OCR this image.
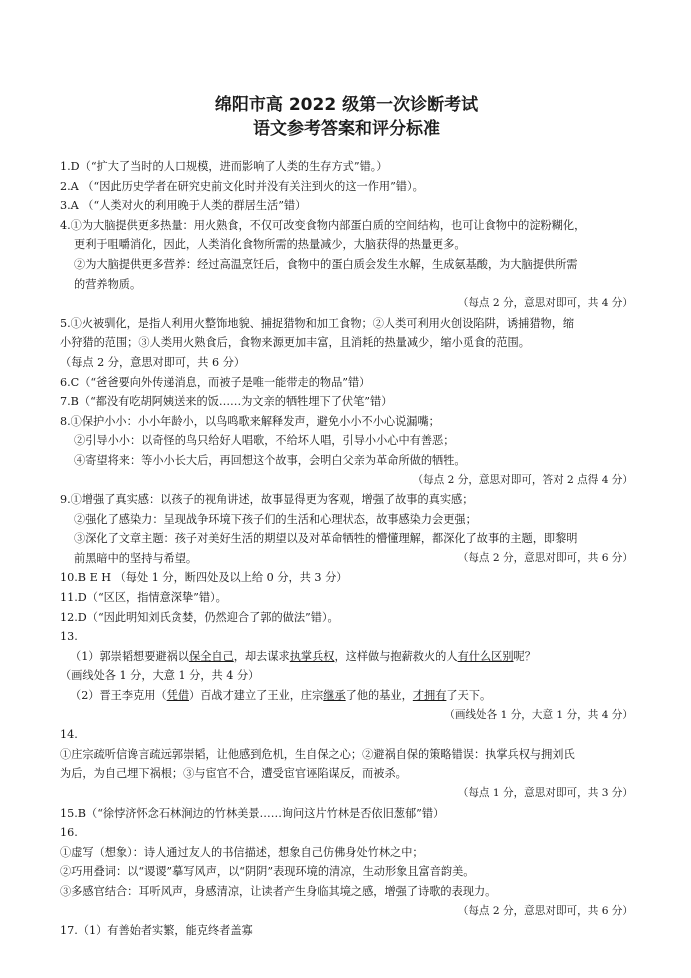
绵阳市高 2022 级第一次诊断考试
语文参考答案和评分标准
1.D（“扩大了当时的人口规模，进而影响了人类的生存方式”错。）
2.A （“因此历史学者在研究史前文化时并没有关注到火的这一作用”错）。
3.A （“人类对火的利用晚于人类的群居生活”错）
4.①为大脑提供更多热量：用火熟食，不仅可改变食物内部蛋白质的空间结构，也可让食物中的淀粉糊化，
更利于咀嚼消化，因此，人类消化食物所需的热量减少，大脑获得的热量更多。
②为大脑提供更多营养：经过高温烹饪后，食物中的蛋白质会发生水解，生成氨基酸，为大脑提供所需
的营养物质。
（每点 2 分，意思对即可，共 4 分）
5.①火被驯化，是指人利用火整饰地貌、捕捉猎物和加工食物；②人类可利用火创设陷阱，诱捕猎物，缩
小狩猎的范围；③人类用火熟食后，食物来源更加丰富，且消耗的热量减少，缩小觅食的范围。
（每点 2 分，意思对即可，共 6 分）
6.C（“爸爸要向外传递消息，而被子是唯一能带走的物品”错）
7.B（“都没有吃胡阿姨送来的饭……为文亲的牺牲埋下了伏笔”错）
8.①保护小小：小小年龄小，以鸟鸣歌来解释发声，避免小小不小心说漏嘴；
②引导小小：以奇怪的鸟只给好人唱歌，不给坏人唱，引导小小心中有善恶；
④寄望将来：等小小长大后，再回想这个故事，会明白父亲为革命所做的牺牲。
（每点 2 分，意思对即可，答对 2 点得 4 分）
9.①增强了真实感：以孩子的视角讲述，故事显得更为客观，增强了故事的真实感；
②强化了感染力：呈现战争环境下孩子们的生活和心理状态，故事感染力会更强；
③深化了文章主题：孩子对美好生活的期望以及对革命牺牲的懵懂理解，都深化了故事的主题，即黎明
前黑暗中的坚持与希望。	（每点 2 分，意思对即可，共 6 分）
10.B E H （每处 1 分，断四处及以上给 0 分，共 3 分）
11.D（“区区，指情意深挚”错）。
12.D（“因此明知刘氏贪婪，仍然迎合了郭的做法”错）。
13.
（1）郭崇韬想要避祸以保全自己，却去谋求执掌兵权，这样做与抱薪救火的人有什么区别呢？
（画线处各 1 分，大意 1 分，共 4 分）
（2）晋王李克用（凭借）百战才建立了王业，庄宗继承了他的基业，才拥有了天下。
（画线处各 1 分，大意 1 分，共 4 分）
14.
①庄宗疏听信谗言疏远郭崇韬，让他感到危机，生自保之心；②避祸自保的策略错误：执掌兵权与拥刘氏
为后，为自己埋下祸根；③与宦官不合，遭受宦官诬陷谋反，而被杀。
（每点 1 分，意思对即可，共 3 分）
15.B（“徐悖济怀念石林涧边的竹林美景……询问这片竹林是否依旧葱郁”错）
16.
①虚写（想象）：诗人通过友人的书信描述，想象自己仿佛身处竹林之中；
②巧用叠词：以“谡谡”摹写风声，以“阴阴”表现环境的清凉，生动形象且富音韵美。
③多感官结合：耳听风声，身感清凉，让读者产生身临其境之感，增强了诗歌的表现力。
（每点 2 分，意思对即可，共 6 分）
17.（1）有善始者实繁，能克终者盖寡
